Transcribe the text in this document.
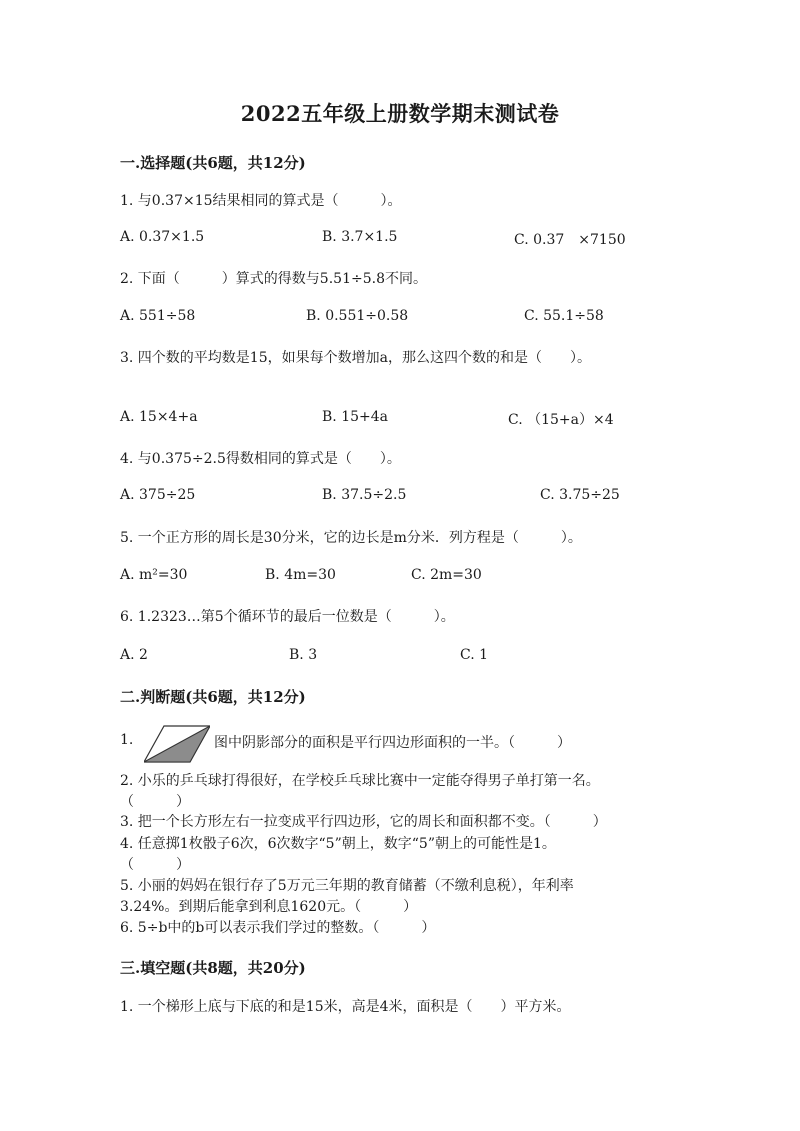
2022五年级上册数学期末测试卷
一.选择题(共6题，共12分)
1. 与0.37×15结果相同的算式是（　　　）。
A. 0.37×1.5	B. 3.7×1.5	C. 0.37　×7150
2. 下面（　　　）算式的得数与5.51÷5.8不同。
A. 551÷58	B. 0.551÷0.58	C. 55.1÷58
3. 四个数的平均数是15，如果每个数增加a，那么这四个数的和是（　　）。
A. 15×4+a	B. 15+4a	C. （15+a）×4
4. 与0.375÷2.5得数相同的算式是（　　）。
A. 375÷25	B. 37.5÷2.5	C. 3.75÷25
5. 一个正方形的周长是30分米，它的边长是m分米．列方程是（　　　）。
A. m²=30	B. 4m=30	C. 2m=30
6. 1.2323…第5个循环节的最后一位数是（　　　）。
A. 2	B. 3	C. 1
二.判断题(共6题，共12分)
1.	图中阴影部分的面积是平行四边形面积的一半。（　　　）
2. 小乐的乒乓球打得很好，在学校乒乓球比赛中一定能夺得男子单打第一名。
（　　　）
3. 把一个长方形左右一拉变成平行四边形，它的周长和面积都不变。（　　　）
4. 任意掷1枚骰子6次，6次数字“5”朝上，数字“5”朝上的可能性是1。
（　　　）
5. 小丽的妈妈在银行存了5万元三年期的教育储蓄（不缴利息税），年利率
3.24%。到期后能拿到利息1620元。（　　　）
6. 5÷b中的b可以表示我们学过的整数。（　　　）
三.填空题(共8题，共20分)
1. 一个梯形上底与下底的和是15米，高是4米，面积是（　　）平方米。
